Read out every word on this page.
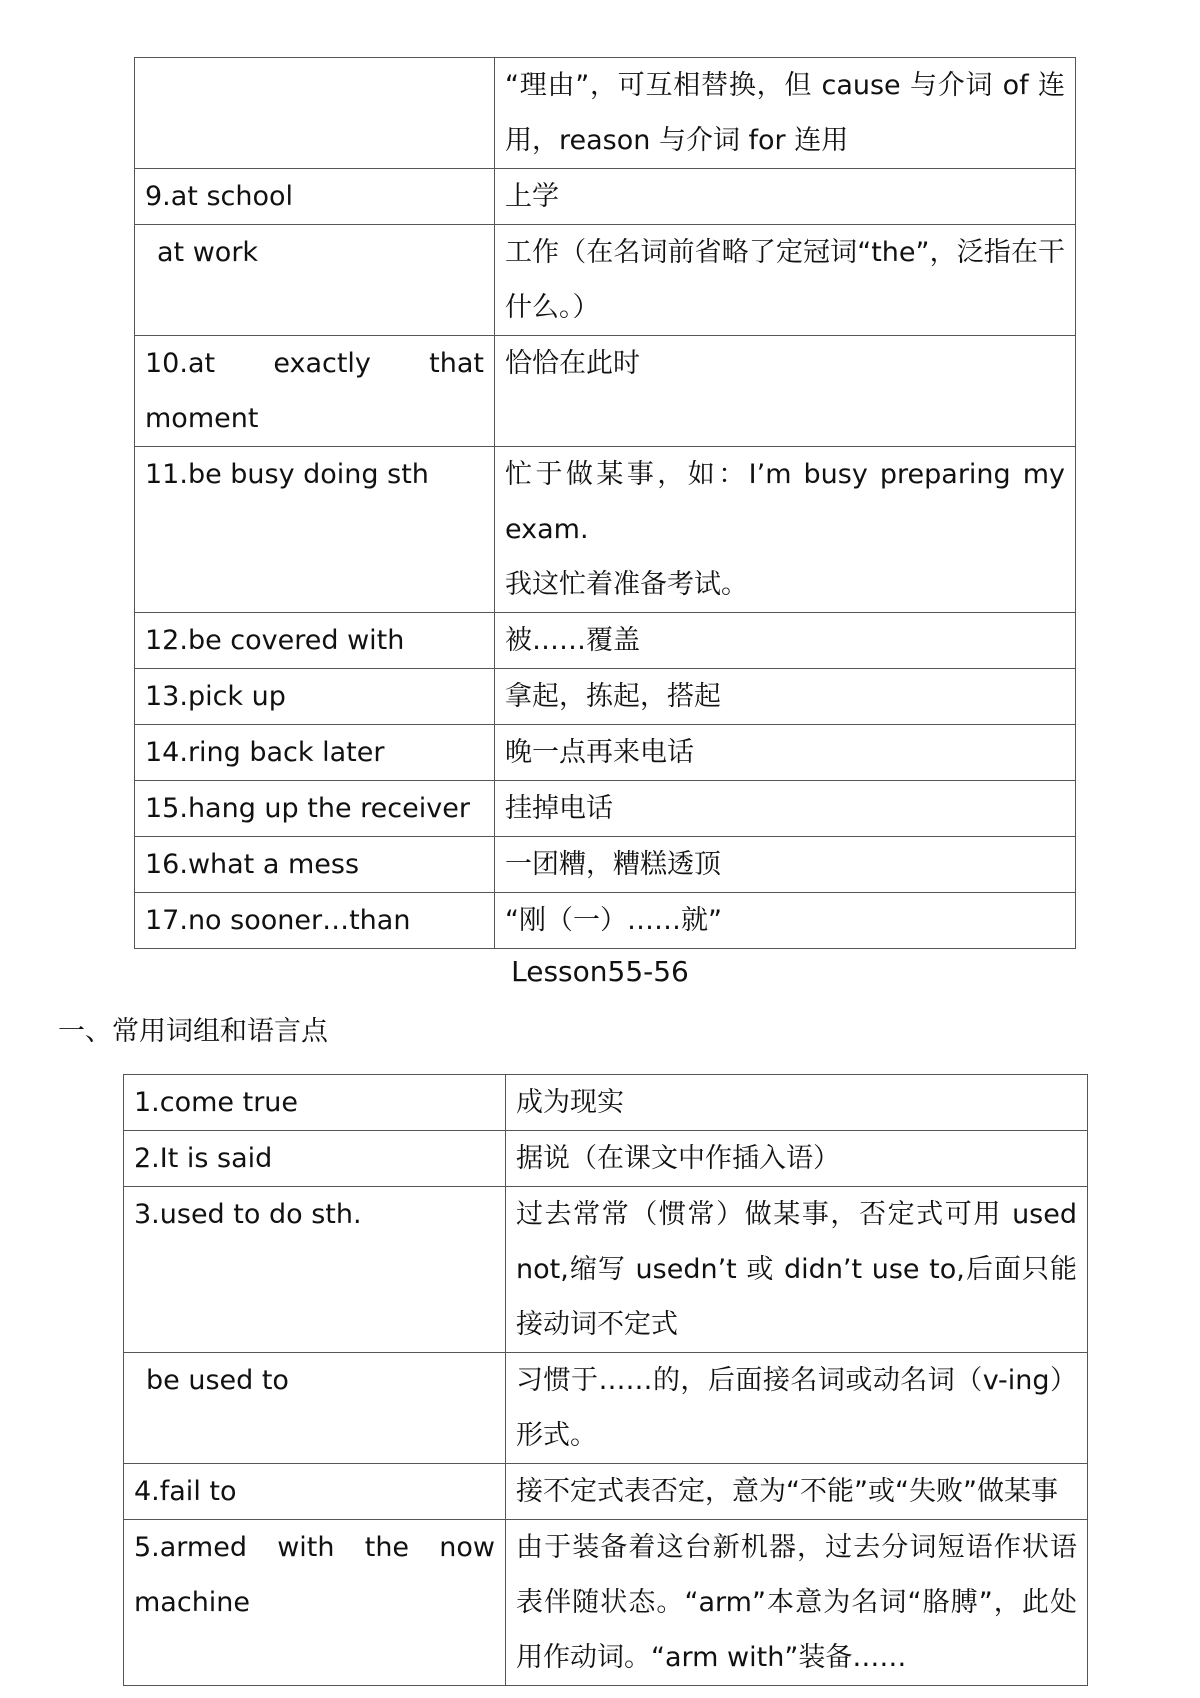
	“理由”，可互相替换，但 cause 与介词 of 连用，reason 与介词 for 连用
9.at school	上学
at work	工作（在名词前省略了定冠词“the”，泛指在干什么。）
10.at exactly that moment	恰恰在此时
11.be busy doing sth	忙于做某事，如：I’m busy preparing my exam.
我这忙着准备考试。
12.be covered with	被……覆盖
13.pick up	拿起，拣起，搭起
14.ring back later	晚一点再来电话
15.hang up the receiver	挂掉电话
16.what a mess	一团糟，糟糕透顶
17.no sooner…than	“刚（一）……就”
Lesson55-56
一、常用词组和语言点
1.come true	成为现实
2.It is said	据说（在课文中作插入语）
3.used to do sth.	过去常常（惯常）做某事，否定式可用 used not,缩写 usedn’t 或 didn’t use to,后面只能接动词不定式
be used to	习惯于……的，后面接名词或动名词（v-ing）形式。
4.fail to	接不定式表否定，意为“不能”或“失败”做某事
5.armed with the now machine	由于装备着这台新机器，过去分词短语作状语表伴随状态。“arm”本意为名词“胳膊”，此处用作动词。“arm with”装备……
